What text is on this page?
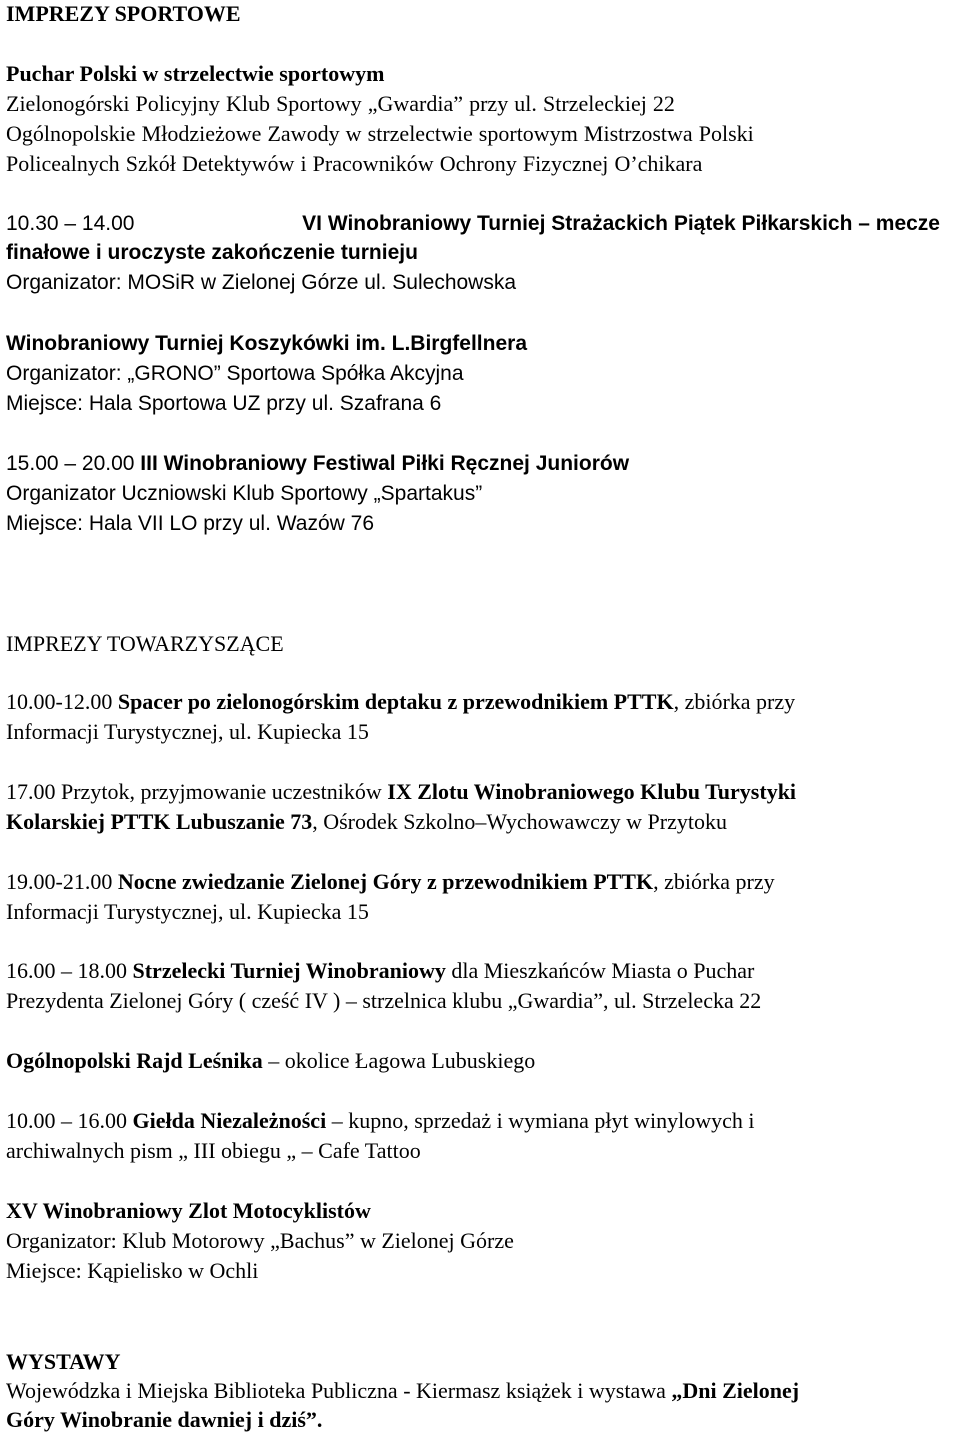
IMPREZY SPORTOWE
Puchar Polski w strzelectwie sportowym
Zielonogórski Policyjny Klub Sportowy „Gwardia” przy ul. Strzeleckiej 22
Ogólnopolskie Młodzieżowe Zawody w strzelectwie sportowym Mistrzostwa Polski
Policealnych Szkół Detektywów i Pracowników Ochrony Fizycznej O’chikara
10.30 – 14.00	VI Winobraniowy Turniej Strażackich Piątek Piłkarskich – mecze
finałowe i uroczyste zakończenie turnieju
Organizator: MOSiR w Zielonej Górze ul. Sulechowska
Winobraniowy Turniej Koszykówki im. L.Birgfellnera
Organizator: „GRONO” Sportowa Spółka Akcyjna
Miejsce: Hala Sportowa UZ przy ul. Szafrana 6
15.00 – 20.00 III Winobraniowy Festiwal Piłki Ręcznej Juniorów
Organizator Uczniowski Klub Sportowy „Spartakus”
Miejsce: Hala VII LO przy ul. Wazów 76
IMPREZY TOWARZYSZĄCE
10.00-12.00 Spacer po zielonogórskim deptaku z przewodnikiem PTTK, zbiórka przy
Informacji Turystycznej, ul. Kupiecka 15
17.00 Przytok, przyjmowanie uczestników IX Zlotu Winobraniowego Klubu Turystyki
Kolarskiej PTTK Lubuszanie 73, Ośrodek Szkolno–Wychowawczy w Przytoku
19.00-21.00 Nocne zwiedzanie Zielonej Góry z przewodnikiem PTTK, zbiórka przy
Informacji Turystycznej, ul. Kupiecka 15
16.00 – 18.00 Strzelecki Turniej Winobraniowy dla Mieszkańców Miasta o Puchar
Prezydenta Zielonej Góry ( cześć IV ) – strzelnica klubu „Gwardia”, ul. Strzelecka 22
Ogólnopolski Rajd Leśnika – okolice Łagowa Lubuskiego
10.00 – 16.00 Giełda Niezależności – kupno, sprzedaż i wymiana płyt winylowych i
archiwalnych pism „ III obiegu „ – Cafe Tattoo
XV Winobraniowy Zlot Motocyklistów
Organizator: Klub Motorowy „Bachus” w Zielonej Górze
Miejsce: Kąpielisko w Ochli
WYSTAWY
Wojewódzka i Miejska Biblioteka Publiczna - Kiermasz książek i wystawa „Dni Zielonej
Góry Winobranie dawniej i dziś”.
